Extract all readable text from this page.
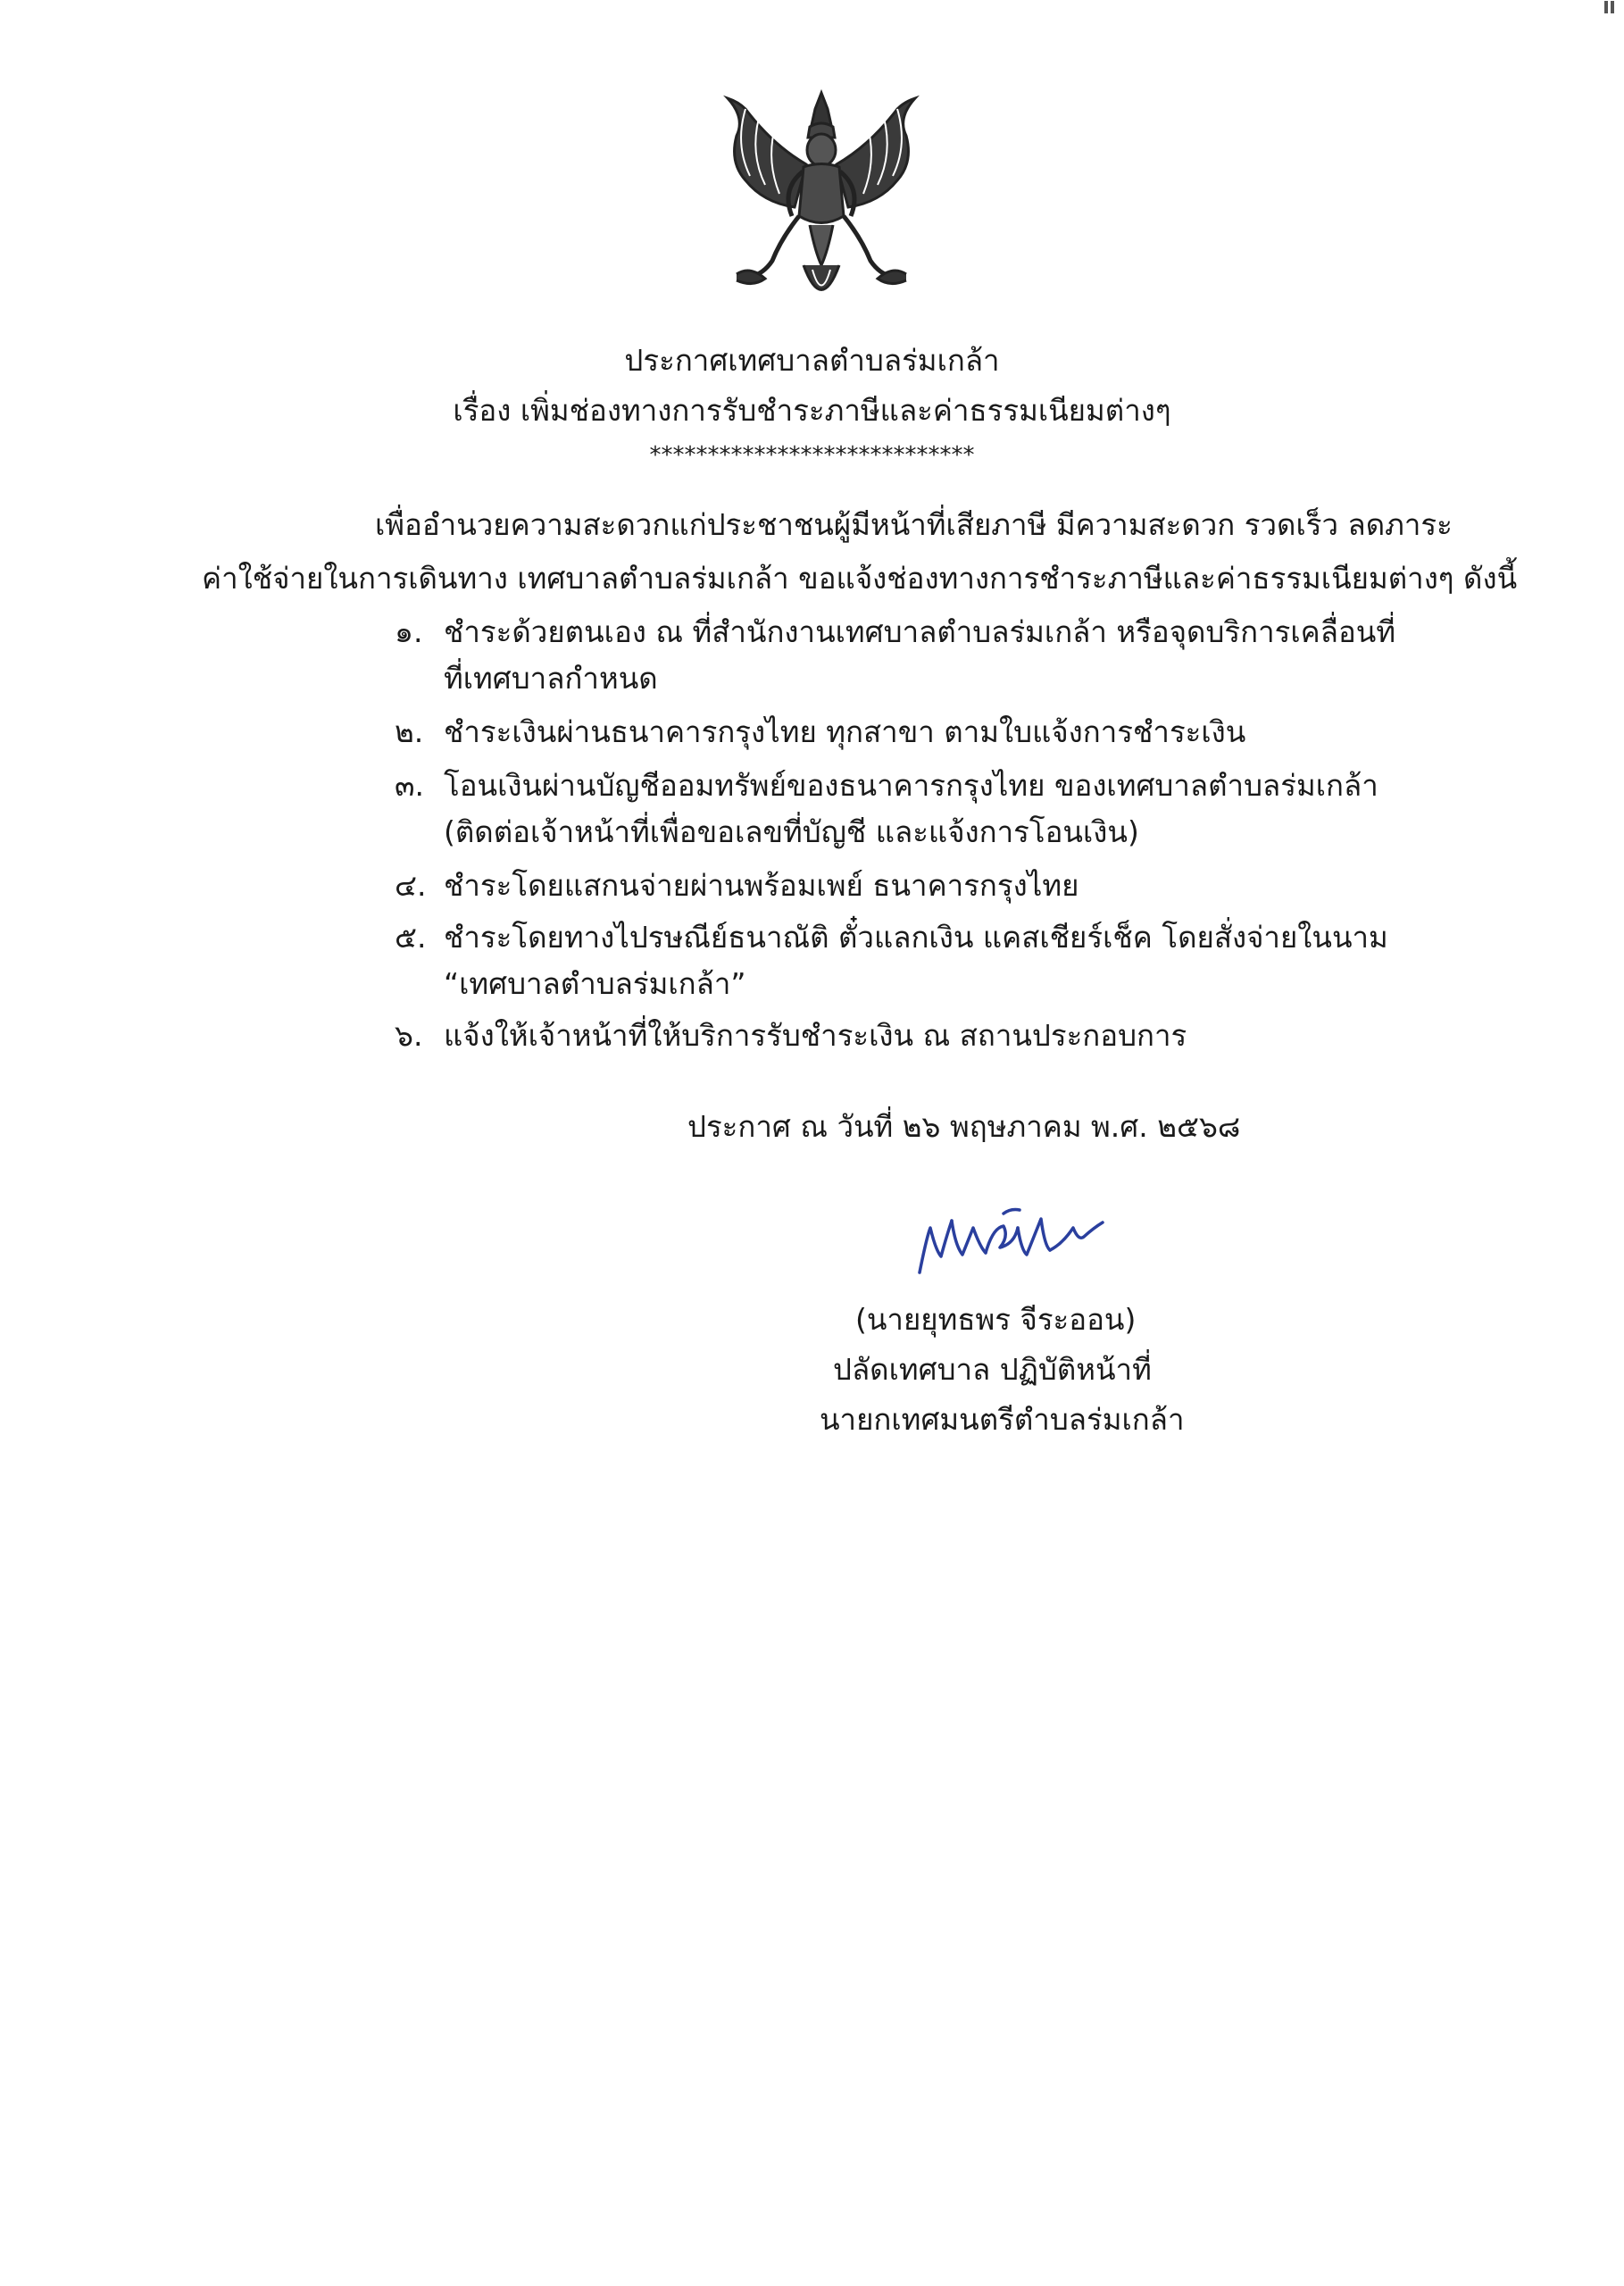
ประกาศเทศบาลตำบลร่มเกล้า
เรื่อง เพิ่มช่องทางการรับชำระภาษีและค่าธรรมเนียมต่างๆ
****************************
เพื่ออำนวยความสะดวกแก่ประชาชนผู้มีหน้าที่เสียภาษี มีความสะดวก รวดเร็ว ลดภาระ
ค่าใช้จ่ายในการเดินทาง เทศบาลตำบลร่มเกล้า ขอแจ้งช่องทางการชำระภาษีและค่าธรรมเนียมต่างๆ ดังนี้
๑. ชำระด้วยตนเอง ณ ที่สำนักงานเทศบาลตำบลร่มเกล้า หรือจุดบริการเคลื่อนที่
ที่เทศบาลกำหนด
๒. ชำระเงินผ่านธนาคารกรุงไทย ทุกสาขา ตามใบแจ้งการชำระเงิน
๓. โอนเงินผ่านบัญชีออมทรัพย์ของธนาคารกรุงไทย ของเทศบาลตำบลร่มเกล้า
(ติดต่อเจ้าหน้าที่เพื่อขอเลขที่บัญชี และแจ้งการโอนเงิน)
๔. ชำระโดยแสกนจ่ายผ่านพร้อมเพย์ ธนาคารกรุงไทย
๕. ชำระโดยทางไปรษณีย์ธนาณัติ ตั๋วแลกเงิน แคสเชียร์เช็ค โดยสั่งจ่ายในนาม
“เทศบาลตำบลร่มเกล้า”
๖. แจ้งให้เจ้าหน้าที่ให้บริการรับชำระเงิน ณ สถานประกอบการ
ประกาศ ณ วันที่ ๒๖ พฤษภาคม พ.ศ. ๒๕๖๘
(นายยุทธพร จีระออน)
ปลัดเทศบาล ปฏิบัติหน้าที่
นายกเทศมนตรีตำบลร่มเกล้า
